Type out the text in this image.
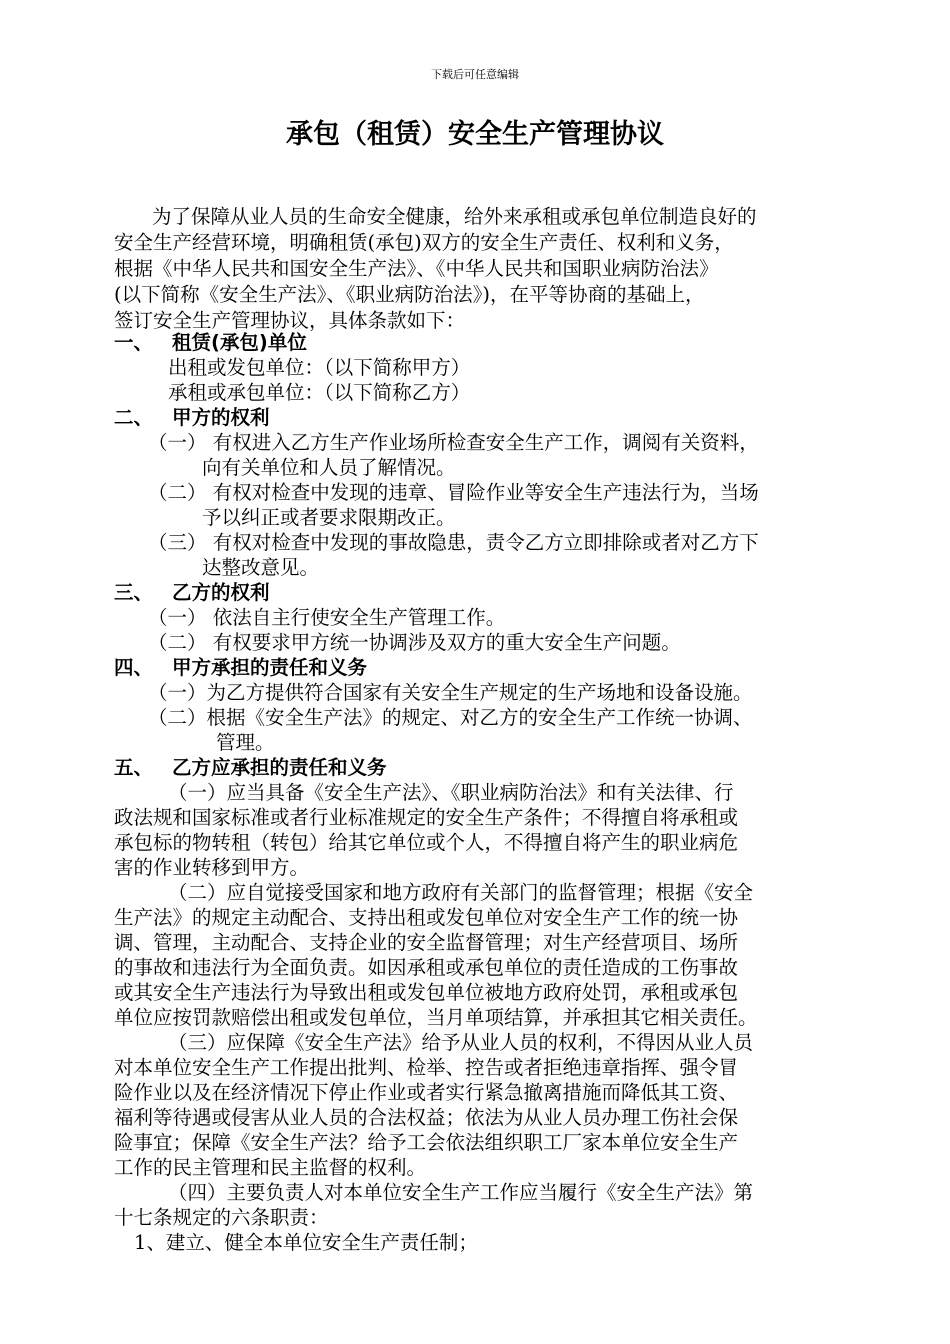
下载后可任意编辑
承包（租赁）安全生产管理协议
为了保障从业人员的生命安全健康，给外来承租或承包单位制造良好的
安全生产经营环境，明确租赁(承包)双方的安全生产责任、权利和义务，
根据《中华人民共和国安全生产法》、《中华人民共和国职业病防治法》
(以下简称《安全生产法》、《职业病防治法》)，在平等协商的基础上，
签订安全生产管理协议，具体条款如下：
一、 租赁(承包)单位
出租或发包单位：（以下简称甲方）
承租或承包单位：（以下简称乙方）
二、 甲方的权利
（一） 有权进入乙方生产作业场所检查安全生产工作，调阅有关资料，
向有关单位和人员了解情况。
（二） 有权对检查中发现的违章、冒险作业等安全生产违法行为，当场
予以纠正或者要求限期改正。
（三） 有权对检查中发现的事故隐患，责令乙方立即排除或者对乙方下
达整改意见。
三、 乙方的权利
（一） 依法自主行使安全生产管理工作。
（二） 有权要求甲方统一协调涉及双方的重大安全生产问题。
四、 甲方承担的责任和义务
（一）为乙方提供符合国家有关安全生产规定的生产场地和设备设施。
（二）根据《安全生产法》的规定、对乙方的安全生产工作统一协调、
管理。
五、 乙方应承担的责任和义务
（一）应当具备《安全生产法》、《职业病防治法》和有关法律、行
政法规和国家标准或者行业标准规定的安全生产条件；不得擅自将承租或
承包标的物转租（转包）给其它单位或个人，不得擅自将产生的职业病危
害的作业转移到甲方。
（二）应自觉接受国家和地方政府有关部门的监督管理；根据《安全
生产法》的规定主动配合、支持出租或发包单位对安全生产工作的统一协
调、管理，主动配合、支持企业的安全监督管理；对生产经营项目、场所
的事故和违法行为全面负责。如因承租或承包单位的责任造成的工伤事故
或其安全生产违法行为导致出租或发包单位被地方政府处罚，承租或承包
单位应按罚款赔偿出租或发包单位，当月单项结算，并承担其它相关责任。
（三）应保障《安全生产法》给予从业人员的权利，不得因从业人员
对本单位安全生产工作提出批判、检举、控告或者拒绝违章指挥、强令冒
险作业以及在经济情况下停止作业或者实行紧急撤离措施而降低其工资、
福利等待遇或侵害从业人员的合法权益；依法为从业人员办理工伤社会保
险事宜；保障《安全生产法？给予工会依法组织职工厂家本单位安全生产
工作的民主管理和民主监督的权利。
（四）主要负责人对本单位安全生产工作应当履行《安全生产法》第
十七条规定的六条职责：
1、建立、健全本单位安全生产责任制；
